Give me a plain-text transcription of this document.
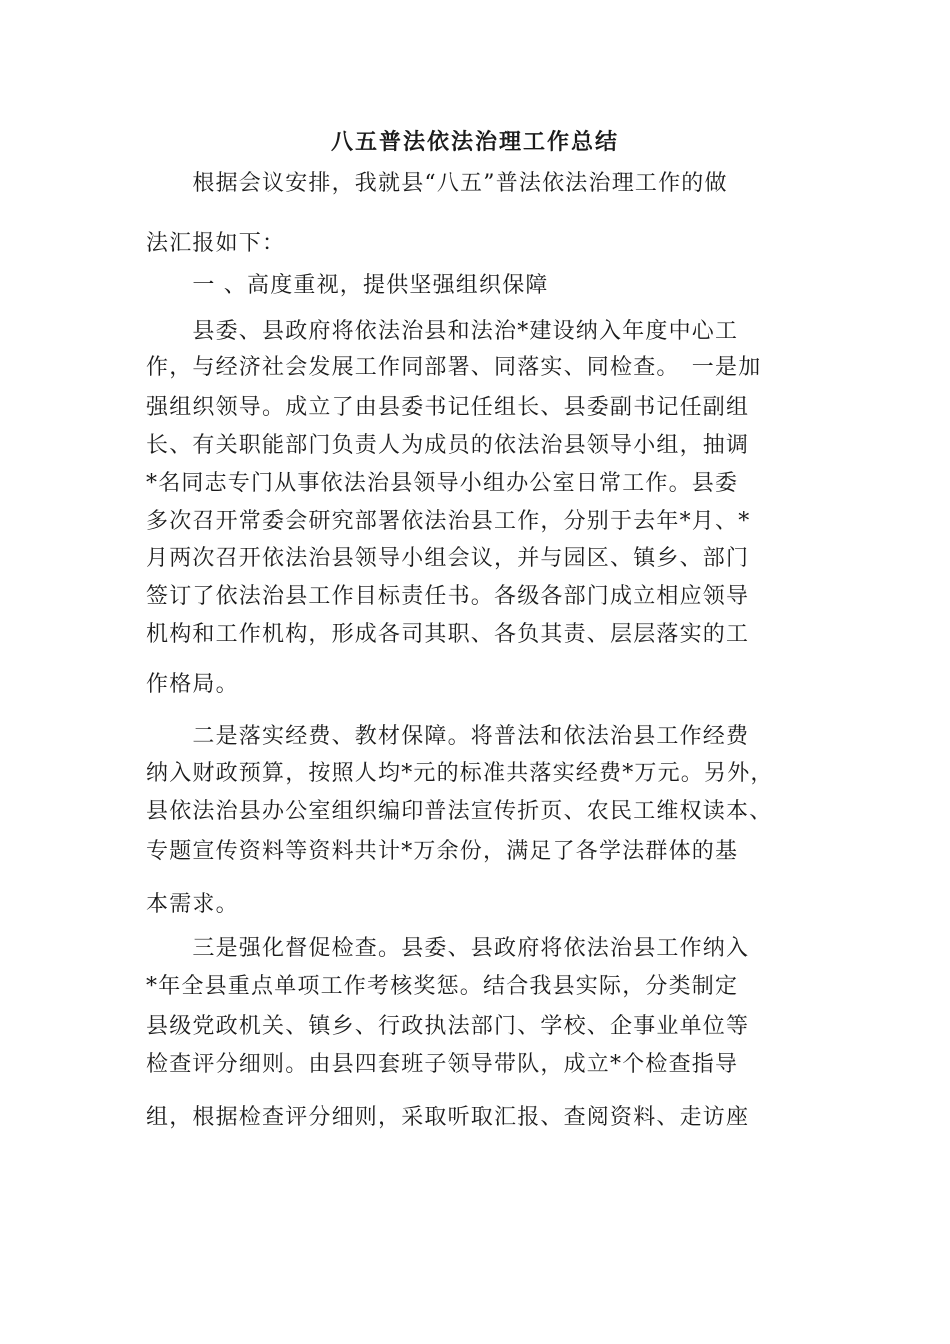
八五普法依法治理工作总结
　　根据会议安排，我就县“八五”普法依法治理工作的做
法汇报如下：
　　一 、高度重视，提供坚强组织保障
　　县委、县政府将依法治县和法治*建设纳入年度中心工
作，与经济社会发展工作同部署、同落实、同检查。　一是加
强组织领导。成立了由县委书记任组长、县委副书记任副组
长、有关职能部门负责人为成员的依法治县领导小组，抽调
*名同志专门从事依法治县领导小组办公室日常工作。县委
多次召开常委会研究部署依法治县工作，分别于去年*月、*
月两次召开依法治县领导小组会议，并与园区、镇乡、部门
签订了依法治县工作目标责任书。各级各部门成立相应领导
机构和工作机构，形成各司其职、各负其责、层层落实的工
作格局。
　　二是落实经费、教材保障。将普法和依法治县工作经费
纳入财政预算，按照人均*元的标准共落实经费*万元。另外，
县依法治县办公室组织编印普法宣传折页、农民工维权读本、
专题宣传资料等资料共计*万余份，满足了各学法群体的基
本需求。
　　三是强化督促检查。县委、县政府将依法治县工作纳入
*年全县重点单项工作考核奖惩。结合我县实际，分类制定
县级党政机关、镇乡、行政执法部门、学校、企事业单位等
检查评分细则。由县四套班子领导带队，成立*个检查指导
组，根据检查评分细则，采取听取汇报、查阅资料、走访座
